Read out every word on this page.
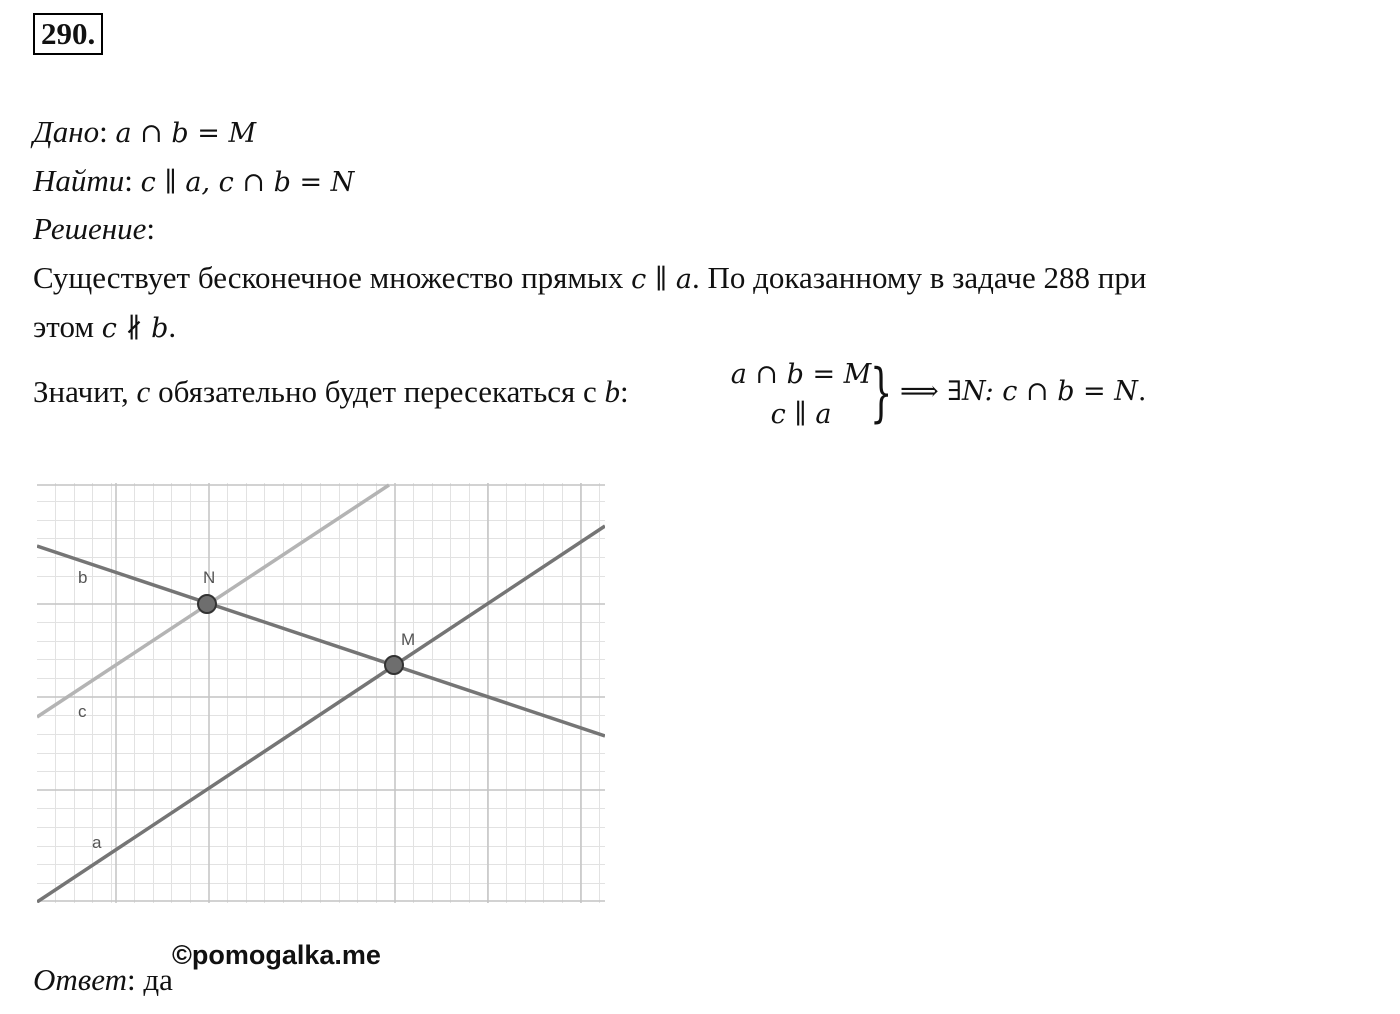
290.
Дано: a ∩ b = M
Найти: c ∥ a, c ∩ b = N
Решение:
Существует бесконечное множество прямых c ∥ a. По доказанному в задаче 288 при
этом c ∦ b.
Значит, c обязательно будет пересекаться с b:	a ∩ b = M
c ∥ a } ⟹ ∃N: c ∩ b = N.
b
c
a
N
M
©pomogalka.me
Ответ: да
